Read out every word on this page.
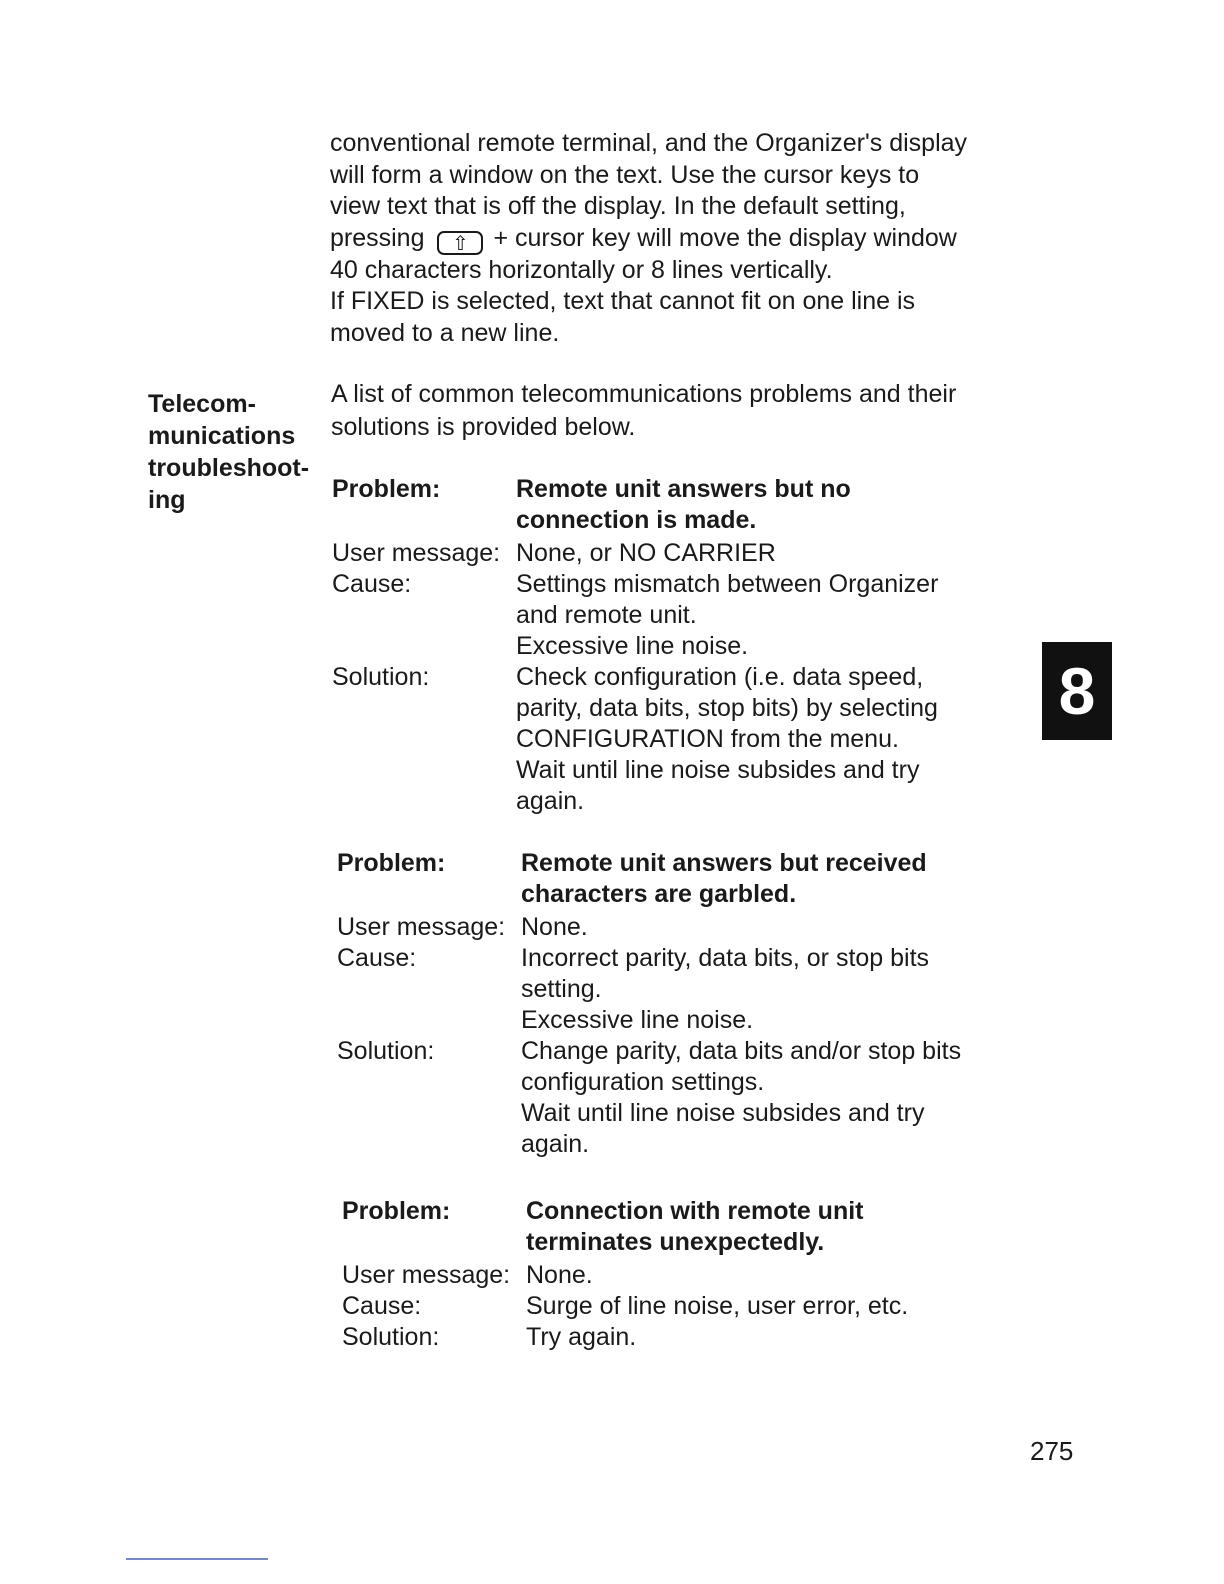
conventional remote terminal, and the Organizer's display

will form a window on the text. Use the cursor keys to

view text that is off the display. In the default setting,

pressing ⇧ + cursor key will move the display window

40 characters horizontally or 8 lines vertically.

If FIXED is selected, text that cannot fit on one line is

moved to a new line.

Telecom-
munications
troubleshoot-
ing
A list of common telecommunications problems and their
solutions is provided below.
Problem:	Remote unit answers but no
connection is made.
User message: None, or NO CARRIER
Cause:	Settings mismatch between Organizer
and remote unit.
Excessive line noise.
Solution:	Check configuration (i.e. data speed,
parity, data bits, stop bits) by selecting
CONFIGURATION from the menu.
Wait until line noise subsides and try
again.
Problem:	Remote unit answers but received
characters are garbled.
User message: None.
Cause:	Incorrect parity, data bits, or stop bits
setting.
Excessive line noise.
Solution:	Change parity, data bits and/or stop bits
configuration settings.
Wait until line noise subsides and try
again.
Problem:	Connection with remote unit
terminates unexpectedly.
User message: None.
Cause:	Surge of line noise, user error, etc.
Solution:	Try again.
8
275
